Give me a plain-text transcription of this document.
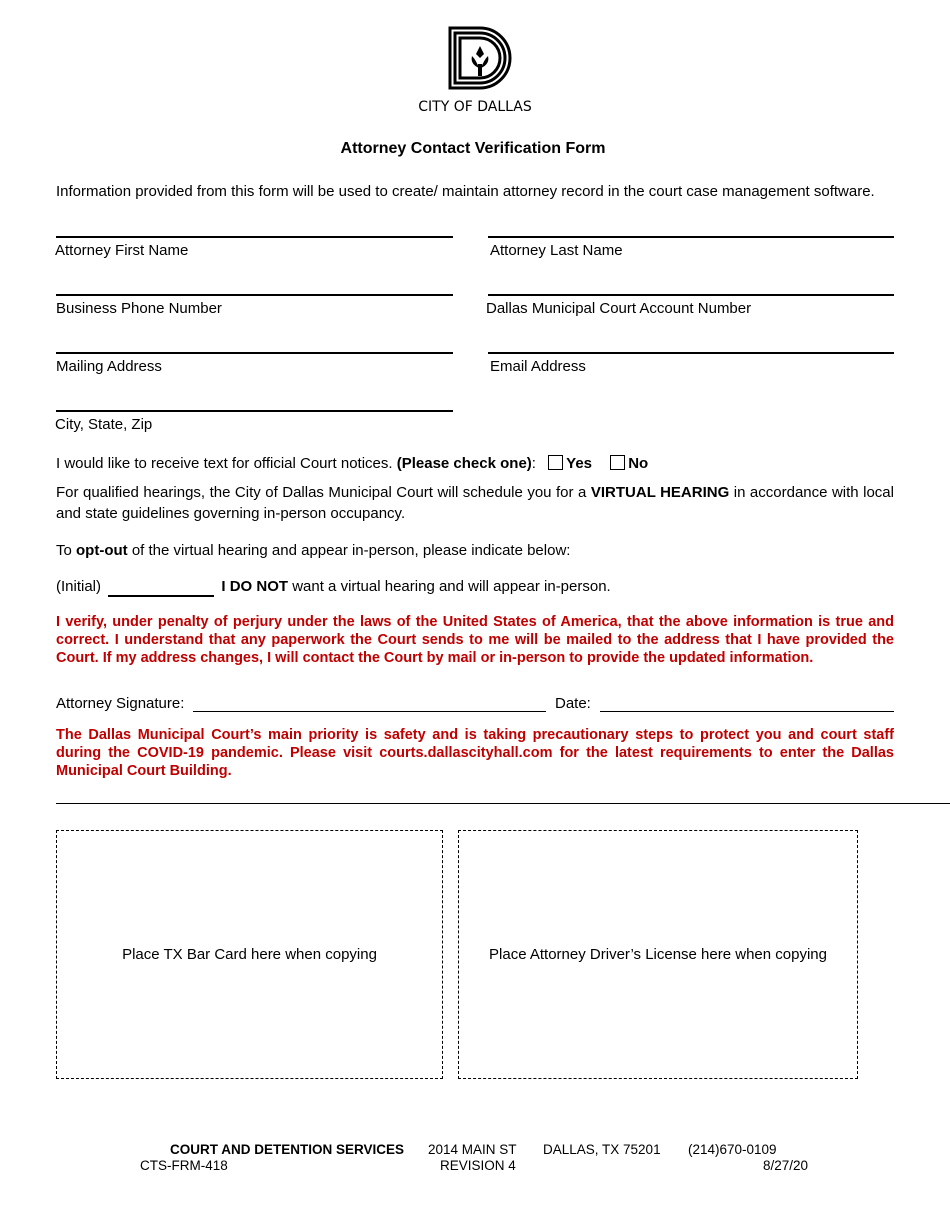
CITY OF DALLAS
Attorney Contact Verification Form
Information provided from this form will be used to create/ maintain attorney record in the court case management software.
Attorney First Name	Attorney Last Name
Business Phone Number	Dallas Municipal Court Account Number
Mailing Address	Email Address
City, State, Zip
I would like to receive text for official Court notices. (Please check one): Yes No
For qualified hearings, the City of Dallas Municipal Court will schedule you for a VIRTUAL HEARING in accordance with local and state guidelines governing in-person occupancy.
To opt-out of the virtual hearing and appear in-person, please indicate below:
(Initial)	I DO NOT want a virtual hearing and will appear in-person.
I verify, under penalty of perjury under the laws of the United States of America, that the above information is true and correct. I understand that any paperwork the Court sends to me will be mailed to the address that I have provided the Court. If my address changes, I will contact the Court by mail or in-person to provide the updated information.
Attorney Signature:	Date:
The Dallas Municipal Court’s main priority is safety and is taking precautionary steps to protect you and court staff during the COVID-19 pandemic. Please visit courts.dallascityhall.com for the latest requirements to enter the Dallas Municipal Court Building.
Place TX Bar Card here when copying	Place Attorney Driver’s License here when copying
COURT AND DETENTION SERVICES 2014 MAIN ST DALLAS, TX 75201 (214)670-0109
CTS-FRM-418	REVISION 4	8/27/20
